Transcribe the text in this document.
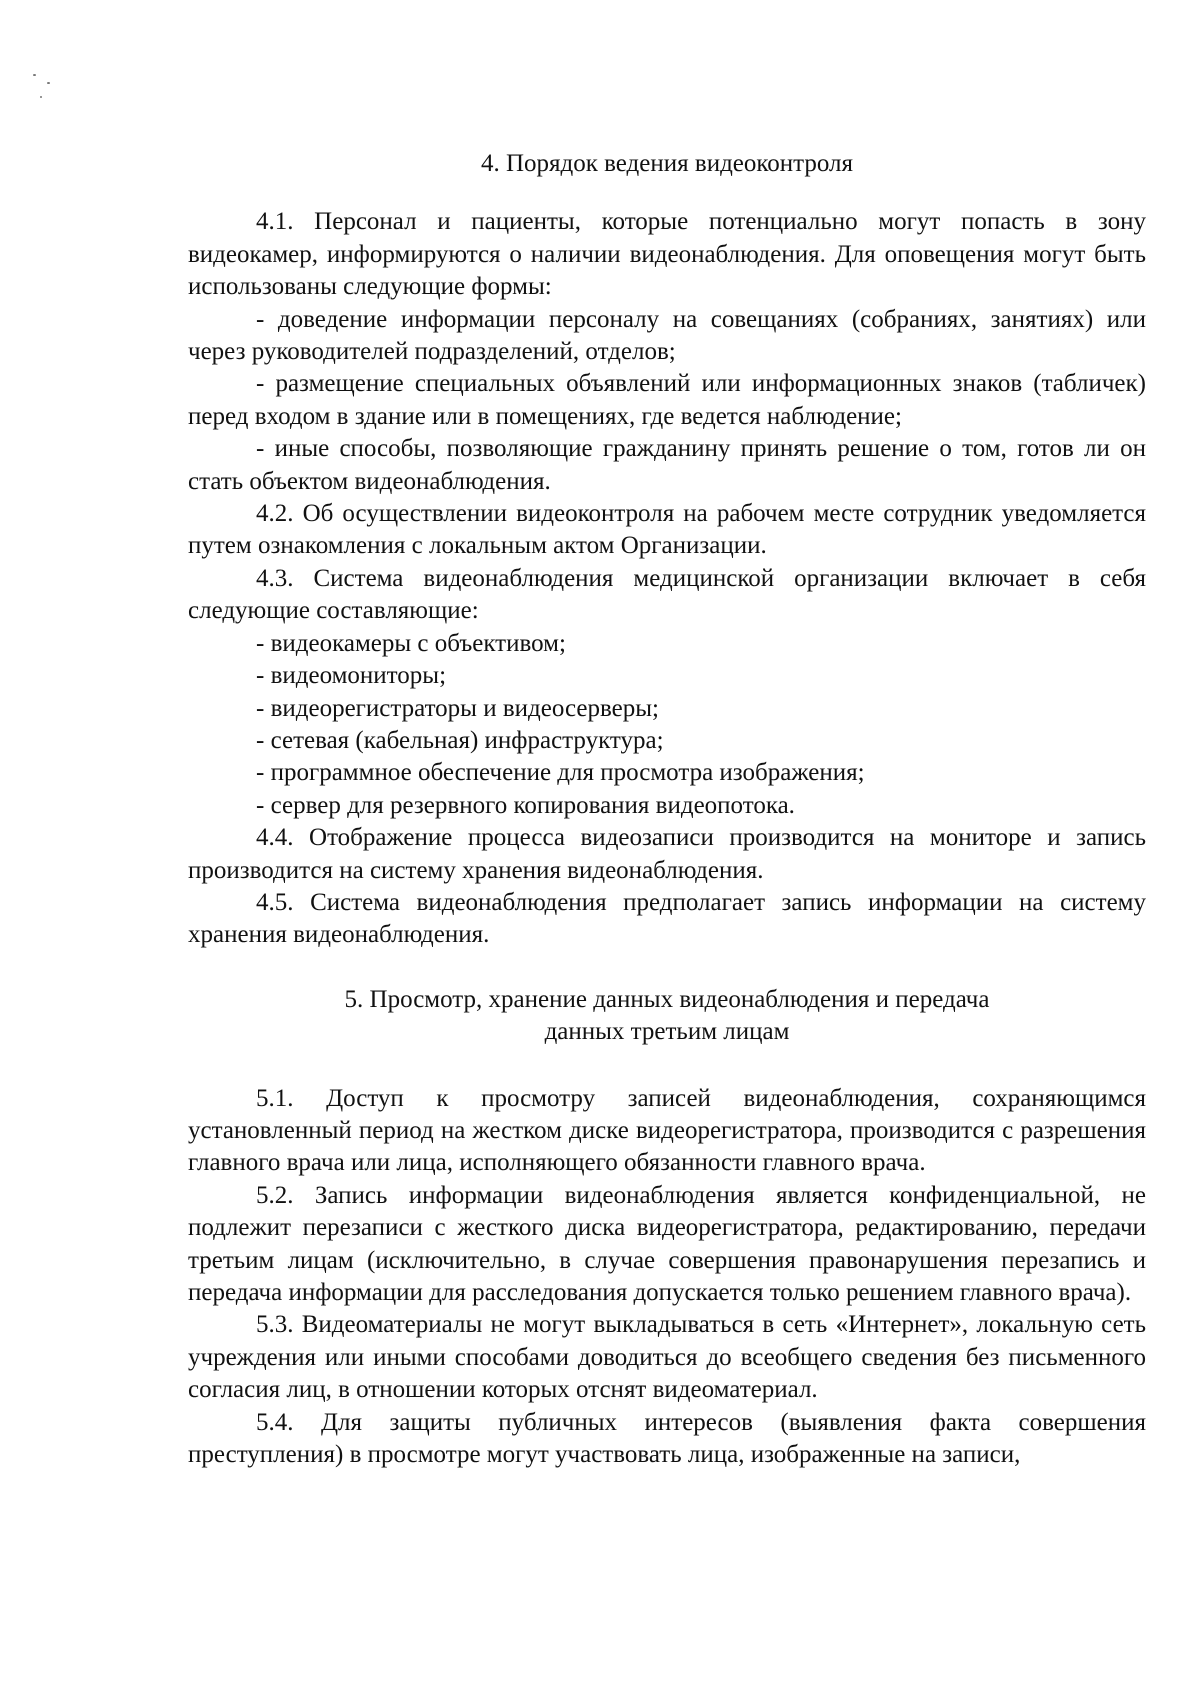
4. Порядок ведения видеоконтроля

4.1. Персонал и пациенты, которые потенциально могут попасть в зону видеокамер, информируются о наличии видеонаблюдения. Для оповещения могут быть использованы следующие формы:

- доведение информации персоналу на совещаниях (собраниях, занятиях) или через руководителей подразделений, отделов;

- размещение специальных объявлений или информационных знаков (табличек) перед входом в здание или в помещениях, где ведется наблюдение;

- иные способы, позволяющие гражданину принять решение о том, готов ли он стать объектом видеонаблюдения.

4.2. Об осуществлении видеоконтроля на рабочем месте сотрудник уведомляется путем ознакомления с локальным актом Организации.

4.3. Система видеонаблюдения медицинской организации включает в себя следующие составляющие:

- видеокамеры с объективом;

- видеомониторы;

- видеорегистраторы и видеосерверы;

- сетевая (кабельная) инфраструктура;

- программное обеспечение для просмотра изображения;

- сервер для резервного копирования видеопотока.

4.4. Отображение процесса видеозаписи производится на мониторе и запись производится на систему хранения видеонаблюдения.

4.5. Система видеонаблюдения предполагает запись информации на систему хранения видеонаблюдения.

5. Просмотр, хранение данных видеонаблюдения и передача
данных третьим лицам

5.1. Доступ к просмотру записей видеонаблюдения, сохраняющимся установленный период на жестком диске видеорегистратора, производится с разрешения главного врача или лица, исполняющего обязанности главного врача.

5.2. Запись информации видеонаблюдения является конфиденциальной, не подлежит перезаписи с жесткого диска видеорегистратора, редактированию, передачи третьим лицам (исключительно, в случае совершения правонарушения перезапись и передача информации для расследования допускается только решением главного врача).

5.3. Видеоматериалы не могут выкладываться в сеть «Интернет», локальную сеть учреждения или иными способами доводиться до всеобщего сведения без письменного согласия лиц, в отношении которых отснят видеоматериал.

5.4. Для защиты публичных интересов (выявления факта совершения преступления) в просмотре могут участвовать лица, изображенные на записи,
